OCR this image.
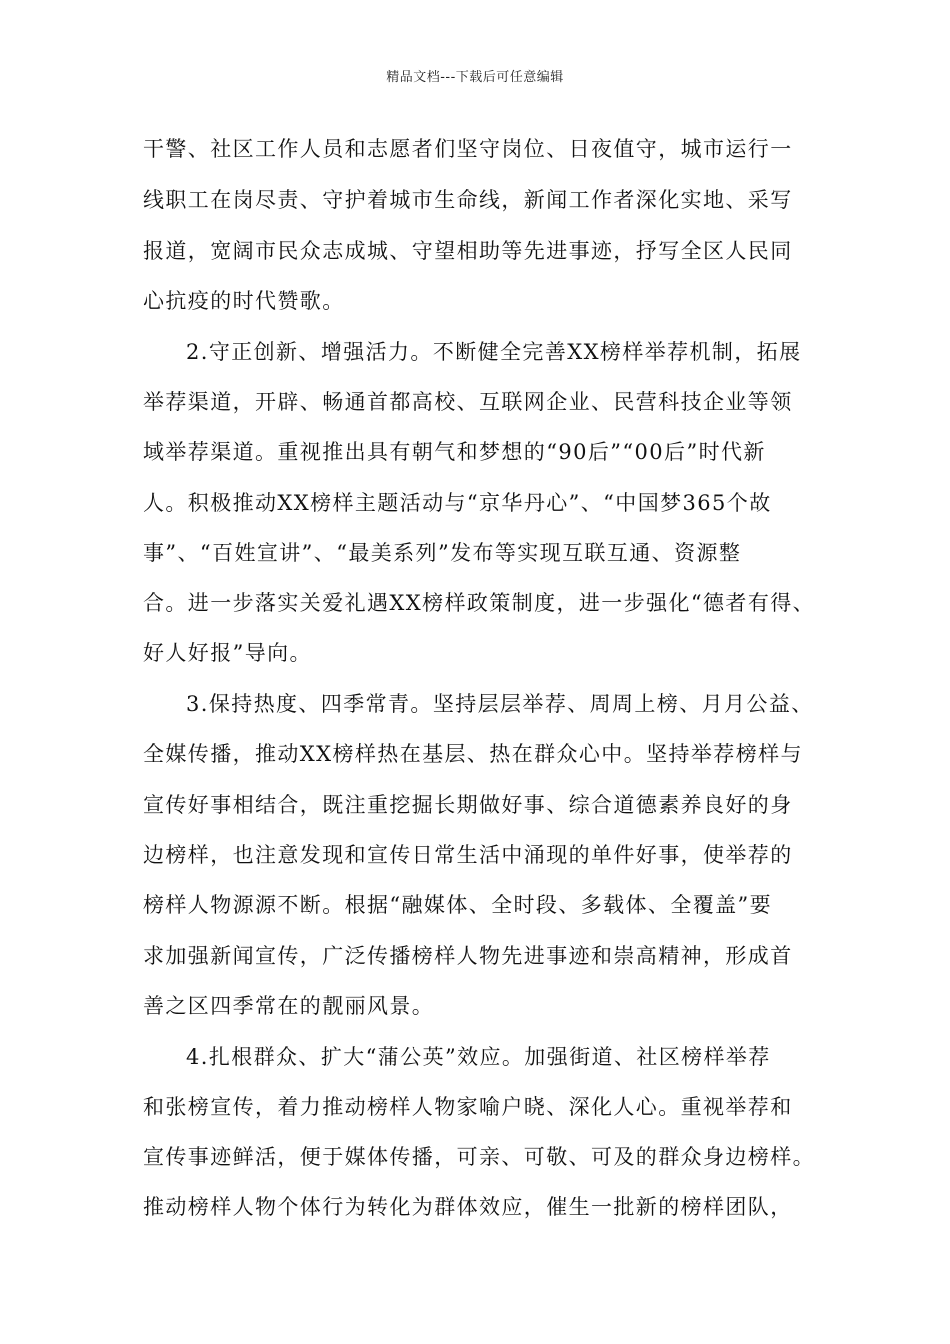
精品文档---下载后可任意编辑
干警、社区工作人员和志愿者们坚守岗位、日夜值守，城市运行一
线职工在岗尽责、守护着城市生命线，新闻工作者深化实地、采写
报道，宽阔市民众志成城、守望相助等先进事迹，抒写全区人民同
心抗疫的时代赞歌。
2.守正创新、增强活力。不断健全完善XX榜样举荐机制，拓展
举荐渠道，开辟、畅通首都高校、互联网企业、民营科技企业等领
域举荐渠道。重视推出具有朝气和梦想的“90后”“00后”时代新
人。积极推动XX榜样主题活动与“京华丹心”、“中国梦365个故
事”、“百姓宣讲”、“最美系列”发布等实现互联互通、资源整
合。进一步落实关爱礼遇XX榜样政策制度，进一步强化“德者有得、
好人好报”导向。
3.保持热度、四季常青。坚持层层举荐、周周上榜、月月公益、
全媒传播，推动XX榜样热在基层、热在群众心中。坚持举荐榜样与
宣传好事相结合，既注重挖掘长期做好事、综合道德素养良好的身
边榜样，也注意发现和宣传日常生活中涌现的单件好事，使举荐的
榜样人物源源不断。根据“融媒体、全时段、多载体、全覆盖”要
求加强新闻宣传，广泛传播榜样人物先进事迹和崇高精神，形成首
善之区四季常在的靓丽风景。
4.扎根群众、扩大“蒲公英”效应。加强街道、社区榜样举荐
和张榜宣传，着力推动榜样人物家喻户晓、深化人心。重视举荐和
宣传事迹鲜活，便于媒体传播，可亲、可敬、可及的群众身边榜样。
推动榜样人物个体行为转化为群体效应，催生一批新的榜样团队，
